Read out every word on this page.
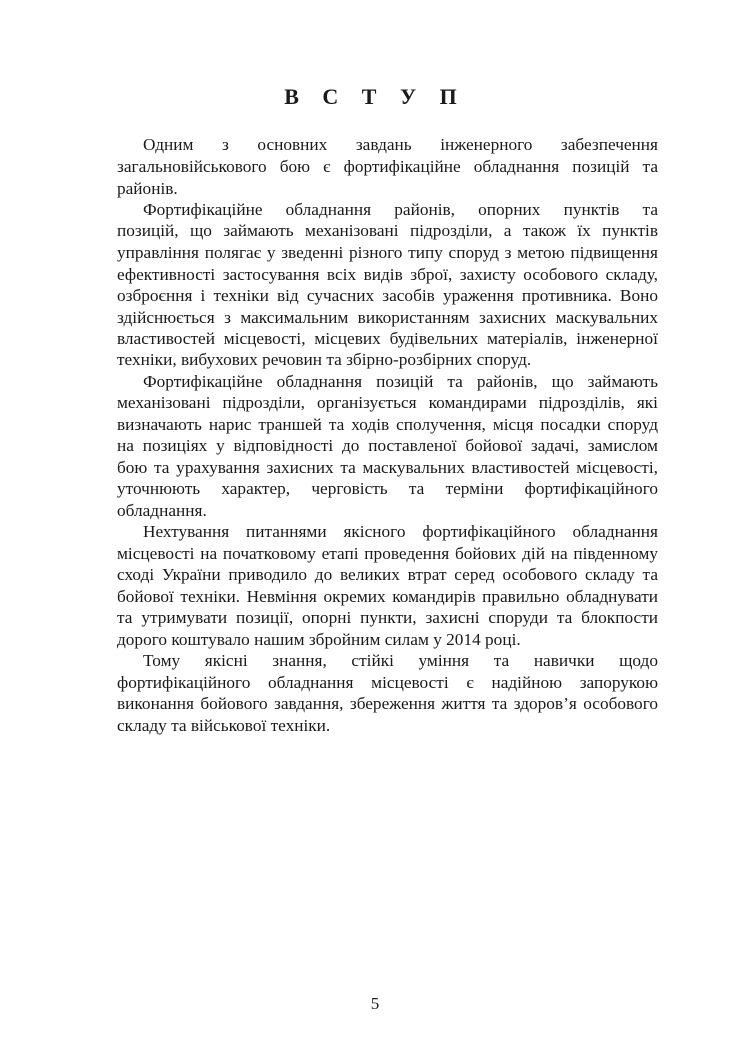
В С Т У П
Одним з основних завдань інженерного забезпечення
загальновійськового бою є фортифікаційне обладнання позицій та
районів.
Фортифікаційне обладнання районів, опорних пунктів та
позицій, що займають механізовані підрозділи, а також їх пунктів
управління полягає у зведенні різного типу споруд з метою підвищення
ефективності застосування всіх видів зброї, захисту особового складу,
озброєння і техніки від сучасних засобів ураження противника. Воно
здійснюється з максимальним використанням захисних маскувальних
властивостей місцевості, місцевих будівельних матеріалів, інженерної
техніки, вибухових речовин та збірно-розбірних споруд.
Фортифікаційне обладнання позицій та районів, що займають
механізовані підрозділи, організується командирами підрозділів, які
визначають нарис траншей та ходів сполучення, місця посадки споруд
на позиціях у відповідності до поставленої бойової задачі, замислом
бою та урахування захисних та маскувальних властивостей місцевості,
уточнюють характер, черговість та терміни фортифікаційного
обладнання.
Нехтування питаннями якісного фортифікаційного обладнання
місцевості на початковому етапі проведення бойових дій на південному
сході України приводило до великих втрат серед особового складу та
бойової техніки. Невміння окремих командирів правильно обладнувати
та утримувати позиції, опорні пункти, захисні споруди та блокпости
дорого коштувало нашим збройним силам у 2014 році.
Тому якісні знання, стійкі уміння та навички щодо
фортифікаційного обладнання місцевості є надійною запорукою
виконання бойового завдання, збереження життя та здоров’я особового
складу та військової техніки.
5
